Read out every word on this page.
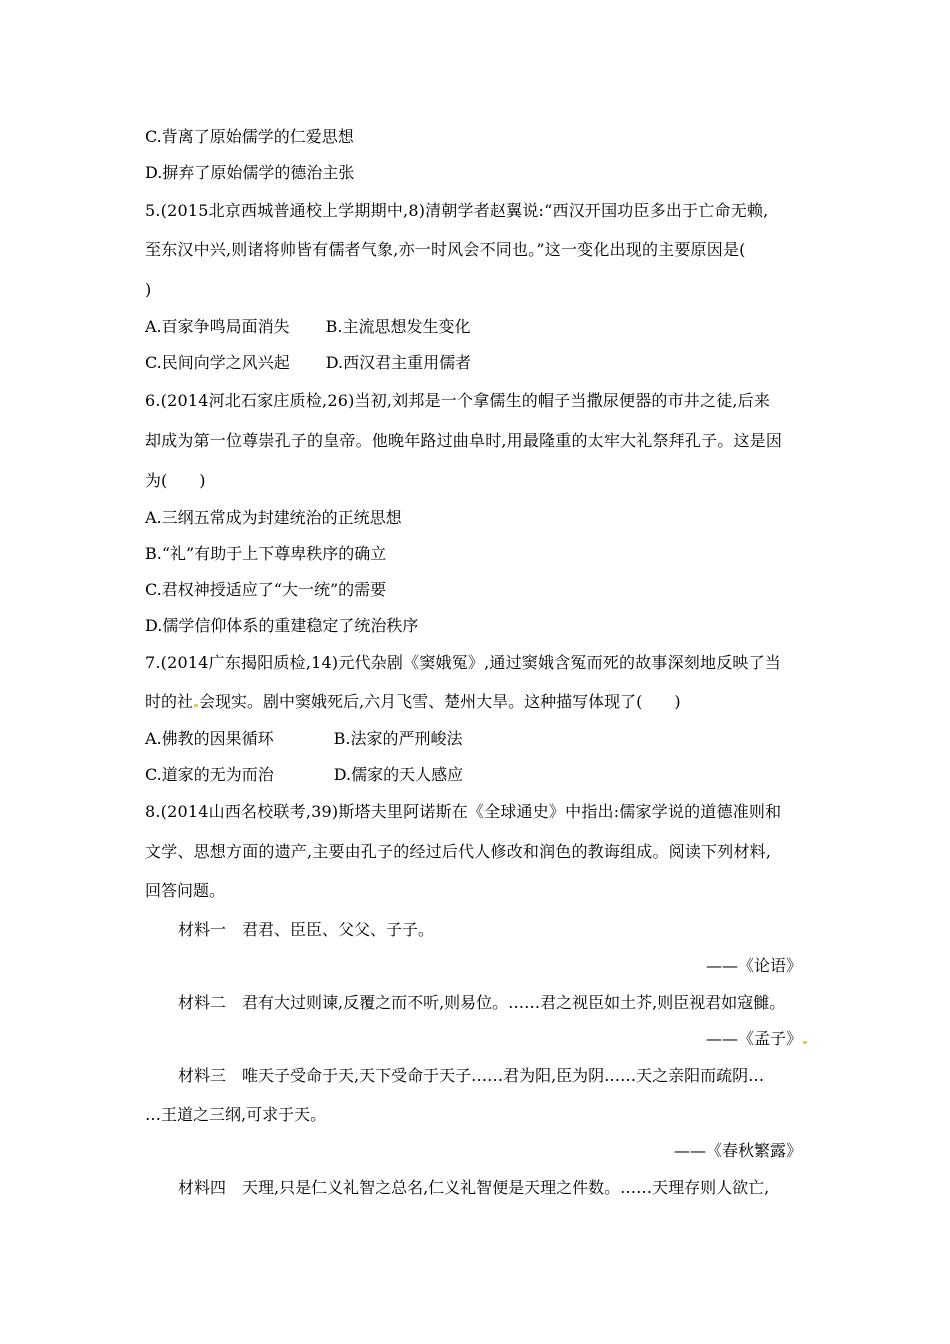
C.背离了原始儒学的仁爱思想
D.摒弃了原始儒学的德治主张
5.(2015北京西城普通校上学期期中,8)清朝学者赵翼说:“西汉开国功臣多出于亡命无赖,
至东汉中兴,则诸将帅皆有儒者气象,亦一时风会不同也。”这一变化出现的主要原因是(
)
A.百家争鸣局面消失 B.主流思想发生变化
C.民间向学之风兴起 D.西汉君主重用儒者
6.(2014河北石家庄质检,26)当初,刘邦是一个拿儒生的帽子当撒尿便器的市井之徒,后来
却成为第一位尊崇孔子的皇帝。他晚年路过曲阜时,用最隆重的太牢大礼祭拜孔子。这是因
为(　　)
A.三纲五常成为封建统治的正统思想
B.“礼”有助于上下尊卑秩序的确立
C.君权神授适应了“大一统”的需要
D.儒学信仰体系的重建稳定了统治秩序
7.(2014广东揭阳质检,14)元代杂剧《窦娥冤》,通过窦娥含冤而死的故事深刻地反映了当
时的社 会现实。剧中窦娥死后,六月飞雪、楚州大旱。这种描写体现了(　　)
A.佛教的因果循环	B.法家的严刑峻法
C.道家的无为而治	D.儒家的天人感应
8.(2014山西名校联考,39)斯塔夫里阿诺斯在《全球通史》中指出:儒家学说的道德准则和
文学、思想方面的遗产,主要由孔子的经过后代人修改和润色的教诲组成。阅读下列材料,
回答问题。
材料一　君君、臣臣、父父、子子。
——《论语》
材料二　君有大过则谏,反覆之而不听,则易位。……君之视臣如土芥,则臣视君如寇雠。
——《孟子》
材料三　唯天子受命于天,天下受命于天子……君为阳,臣为阴……天之亲阳而疏阴…
…王道之三纲,可求于天。
——《春秋繁露》
材料四　天理,只是仁义礼智之总名,仁义礼智便是天理之件数。……天理存则人欲亡,
